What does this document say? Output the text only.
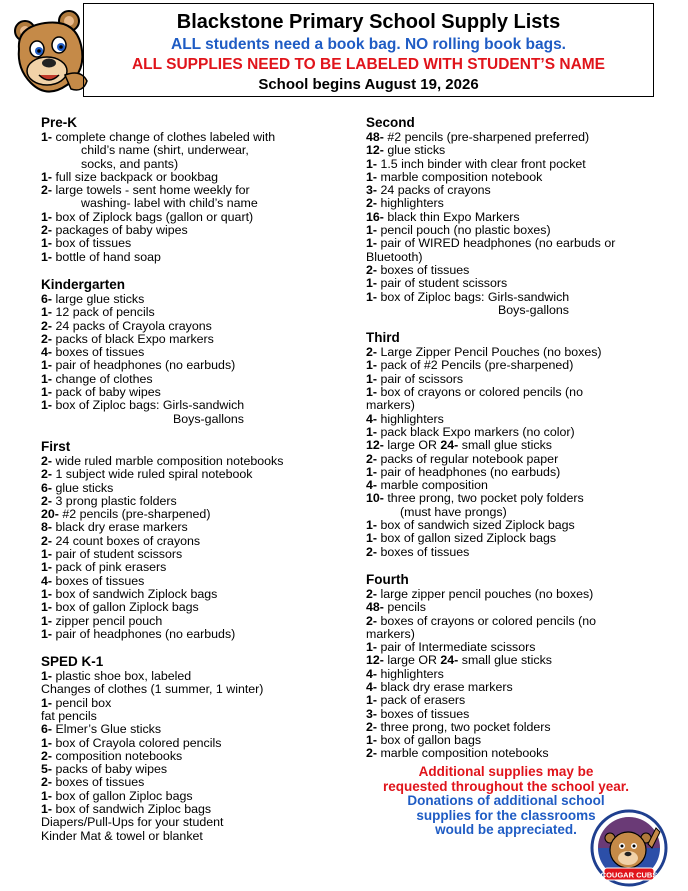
Blackstone Primary School Supply Lists
ALL students need a book bag. NO rolling book bags.
ALL SUPPLIES NEED TO BE LABELED WITH STUDENT’S NAME
School begins August 19, 2026
Pre-K
1- complete change of clothes labeled with
child’s name (shirt, underwear,
socks, and pants)
1- full size backpack or bookbag
2- large towels - sent home weekly for
washing- label with child’s name
1- box of Ziplock bags (gallon or quart)
2- packages of baby wipes
1- box of tissues
1- bottle of hand soap
Kindergarten
6- large glue sticks
1- 12 pack of pencils
2- 24 packs of Crayola crayons
2- packs of black Expo markers
4- boxes of tissues
1- pair of headphones (no earbuds)
1- change of clothes
1- pack of baby wipes
1- box of Ziploc bags: Girls-sandwich
Boys-gallons
First
2- wide ruled marble composition notebooks
2- 1 subject wide ruled spiral notebook
6- glue sticks
2- 3 prong plastic folders
20- #2 pencils (pre-sharpened)
8- black dry erase markers
2- 24 count boxes of crayons
1- pair of student scissors
1- pack of pink erasers
4- boxes of tissues
1- box of sandwich Ziplock bags
1- box of gallon Ziplock bags
1- zipper pencil pouch
1- pair of headphones (no earbuds)
SPED K-1
1- plastic shoe box, labeled
Changes of clothes (1 summer, 1 winter)
1- pencil box
fat pencils
6- Elmer’s Glue sticks
1- box of Crayola colored pencils
2- composition notebooks
5- packs of baby wipes
2- boxes of tissues
1- box of gallon Ziploc bags
1- box of sandwich Ziploc bags
Diapers/Pull-Ups for your student
Kinder Mat & towel or blanket
Second
48- #2 pencils (pre-sharpened preferred)
12- glue sticks
1- 1.5 inch binder with clear front pocket
1- marble composition notebook
3- 24 packs of crayons
2- highlighters
16- black thin Expo Markers
1- pencil pouch (no plastic boxes)
1- pair of WIRED headphones (no earbuds or
Bluetooth)
2- boxes of tissues
1- pair of student scissors
1- box of Ziploc bags: Girls-sandwich
Boys-gallons
Third
2- Large Zipper Pencil Pouches (no boxes)
1- pack of #2 Pencils (pre-sharpened)
1- pair of scissors
1- box of crayons or colored pencils (no
markers)
4- highlighters
1- pack black Expo markers (no color)
12- large OR 24- small glue sticks
2- packs of regular notebook paper
1- pair of headphones (no earbuds)
4- marble composition
10- three prong, two pocket poly folders
(must have prongs)
1- box of sandwich sized Ziplock bags
1- box of gallon sized Ziplock bags
2- boxes of tissues
Fourth
2- large zipper pencil pouches (no boxes)
48- pencils
2- boxes of crayons or colored pencils (no
markers)
1- pair of Intermediate scissors
12- large OR 24- small glue sticks
4- highlighters
4- black dry erase markers
1- pack of erasers
3- boxes of tissues
2- three prong, two pocket folders
1- box of gallon bags
2- marble composition notebooks
Additional supplies may be
requested throughout the school year.
Donations of additional school
supplies for the classrooms
would be appreciated.
COUGAR CUBS
